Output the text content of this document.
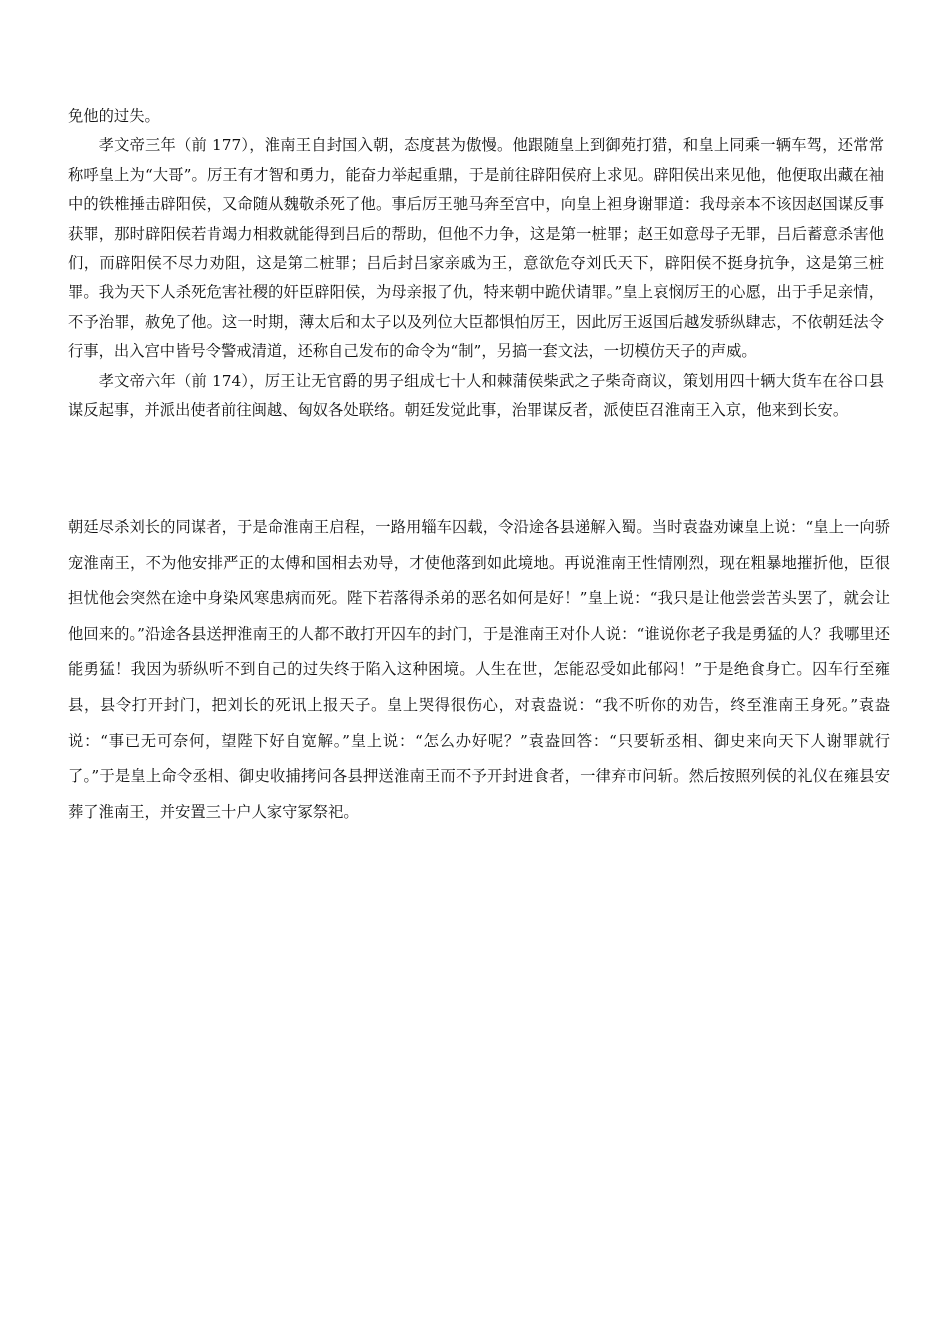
免他的过失。

孝文帝三年（前 177），淮南王自封国入朝，态度甚为傲慢。他跟随皇上到御苑打猎，和皇上同乘一辆车驾，还常常称呼皇上为“大哥”。厉王有才智和勇力，能奋力举起重鼎，于是前往辟阳侯府上求见。辟阳侯出来见他，他便取出藏在袖中的铁椎捶击辟阳侯，又命随从魏敬杀死了他。事后厉王驰马奔至宫中，向皇上袒身谢罪道：我母亲本不该因赵国谋反事获罪，那时辟阳侯若肯竭力相救就能得到吕后的帮助，但他不力争，这是第一桩罪；赵王如意母子无罪，吕后蓄意杀害他们，而辟阳侯不尽力劝阻，这是第二桩罪；吕后封吕家亲戚为王，意欲危夺刘氏天下，辟阳侯不挺身抗争，这是第三桩罪。我为天下人杀死危害社稷的奸臣辟阳侯，为母亲报了仇，特来朝中跪伏请罪。”皇上哀悯厉王的心愿，出于手足亲情，不予治罪，赦免了他。这一时期，薄太后和太子以及列位大臣都惧怕厉王，因此厉王返国后越发骄纵肆志，不依朝廷法令行事，出入宫中皆号令警戒清道，还称自己发布的命令为“制”，另搞一套文法，一切模仿天子的声威。

孝文帝六年（前 174），厉王让无官爵的男子组成七十人和棘蒲侯柴武之子柴奇商议，策划用四十辆大货车在谷口县谋反起事，并派出使者前往闽越、匈奴各处联络。朝廷发觉此事，治罪谋反者，派使臣召淮南王入京，他来到长安。

朝廷尽杀刘长的同谋者，于是命淮南王启程，一路用辎车囚载，令沿途各县递解入蜀。当时袁盎劝谏皇上说：“皇上一向骄宠淮南王，不为他安排严正的太傅和国相去劝导，才使他落到如此境地。再说淮南王性情刚烈，现在粗暴地摧折他，臣很担忧他会突然在途中身染风寒患病而死。陛下若落得杀弟的恶名如何是好！”皇上说：“我只是让他尝尝苦头罢了，就会让他回来的。”沿途各县送押淮南王的人都不敢打开囚车的封门，于是淮南王对仆人说：“谁说你老子我是勇猛的人？我哪里还能勇猛！我因为骄纵听不到自己的过失终于陷入这种困境。人生在世，怎能忍受如此郁闷！”于是绝食身亡。囚车行至雍县，县令打开封门，把刘长的死讯上报天子。皇上哭得很伤心，对袁盎说：“我不听你的劝告，终至淮南王身死。”袁盎说：“事已无可奈何，望陛下好自宽解。”皇上说：“怎么办好呢？”袁盎回答：“只要斩丞相、御史来向天下人谢罪就行了。”于是皇上命令丞相、御史收捕拷问各县押送淮南王而不予开封进食者，一律弃市问斩。然后按照列侯的礼仪在雍县安葬了淮南王，并安置三十户人家守冢祭祀。
